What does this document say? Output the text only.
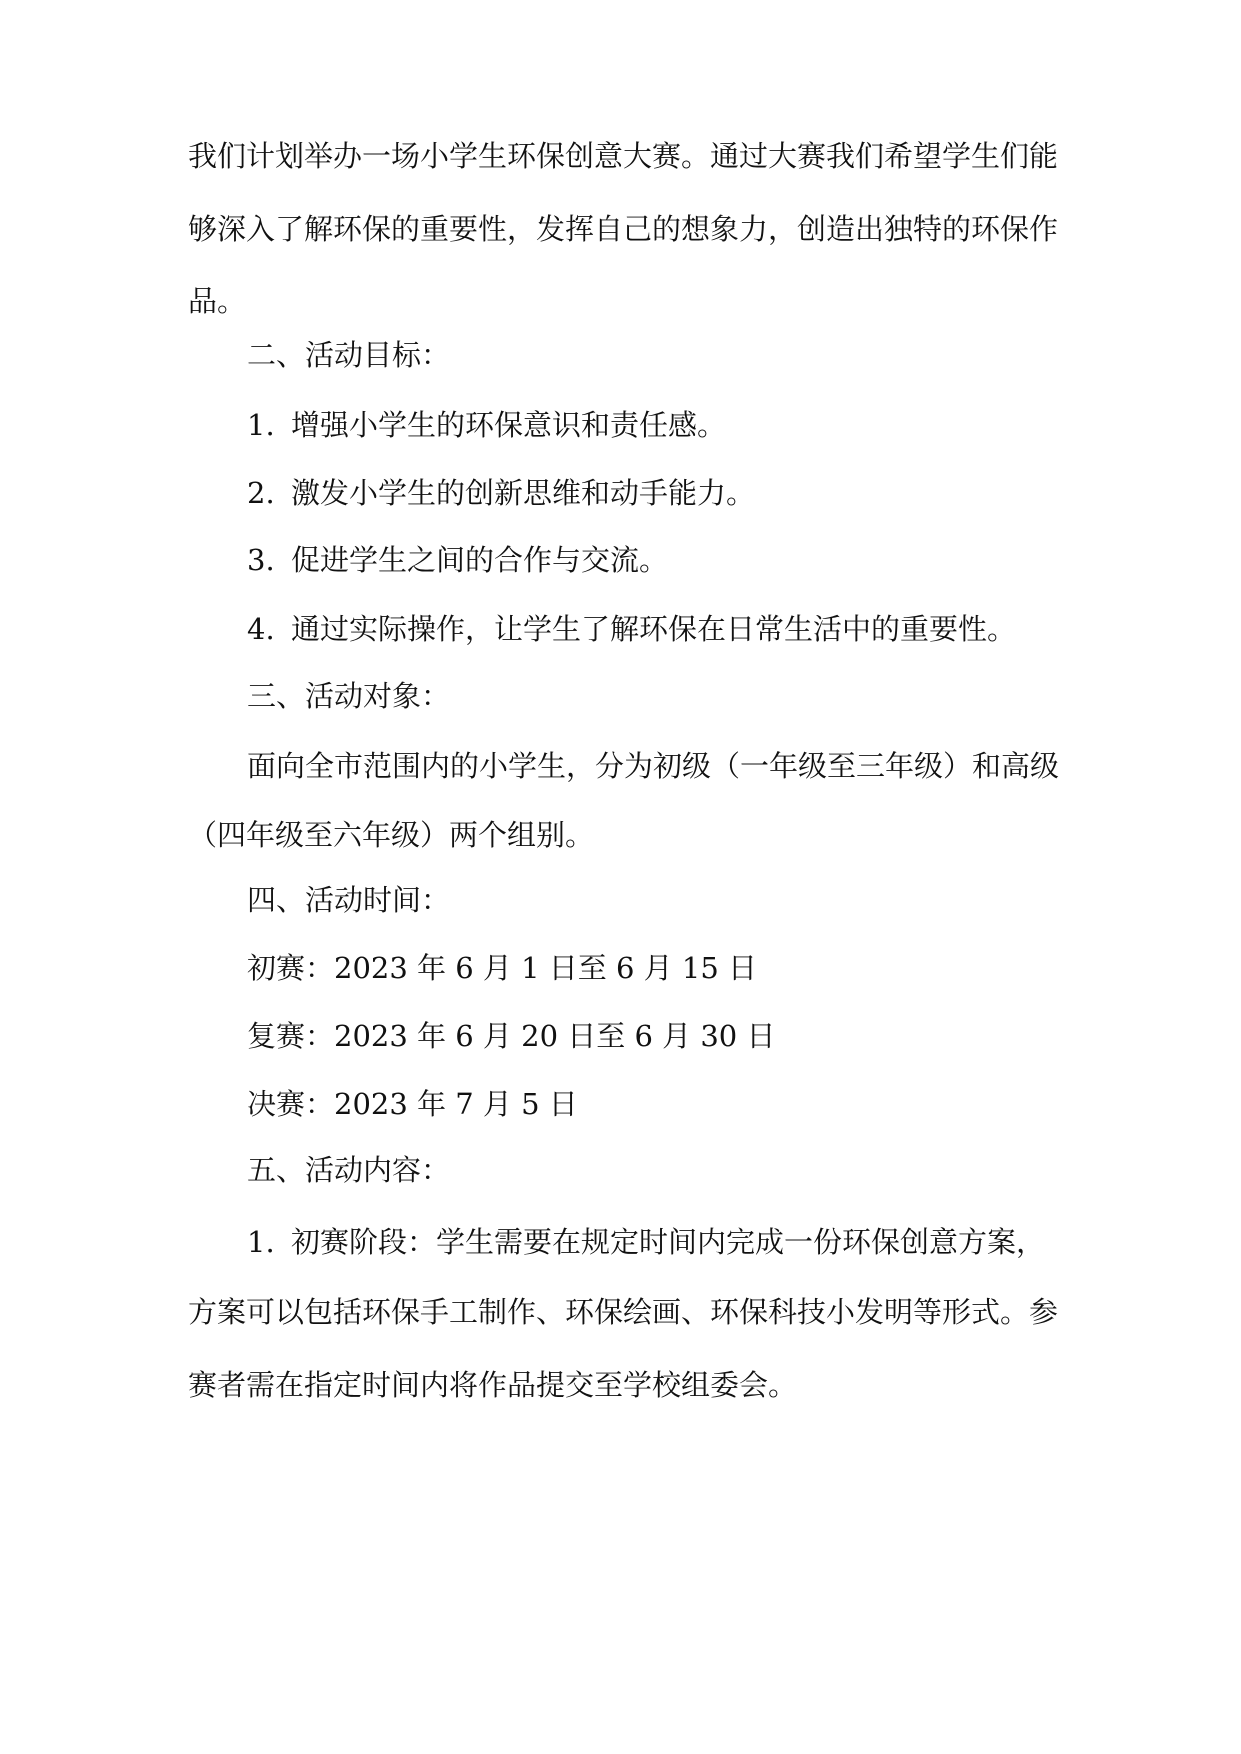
我们计划举办一场小学生环保创意大赛。通过大赛我们希望学生们能
够深入了解环保的重要性，发挥自己的想象力，创造出独特的环保作
品。
二、活动目标：
1. 增强小学生的环保意识和责任感。
2. 激发小学生的创新思维和动手能力。
3. 促进学生之间的合作与交流。
4. 通过实际操作，让学生了解环保在日常生活中的重要性。
三、活动对象：
面向全市范围内的小学生，分为初级（一年级至三年级）和高级
（四年级至六年级）两个组别。
四、活动时间：
初赛：2023 年 6 月 1 日至 6 月 15 日
复赛：2023 年 6 月 20 日至 6 月 30 日
决赛：2023 年 7 月 5 日
五、活动内容：
1. 初赛阶段：学生需要在规定时间内完成一份环保创意方案，
方案可以包括环保手工制作、环保绘画、环保科技小发明等形式。参
赛者需在指定时间内将作品提交至学校组委会。
